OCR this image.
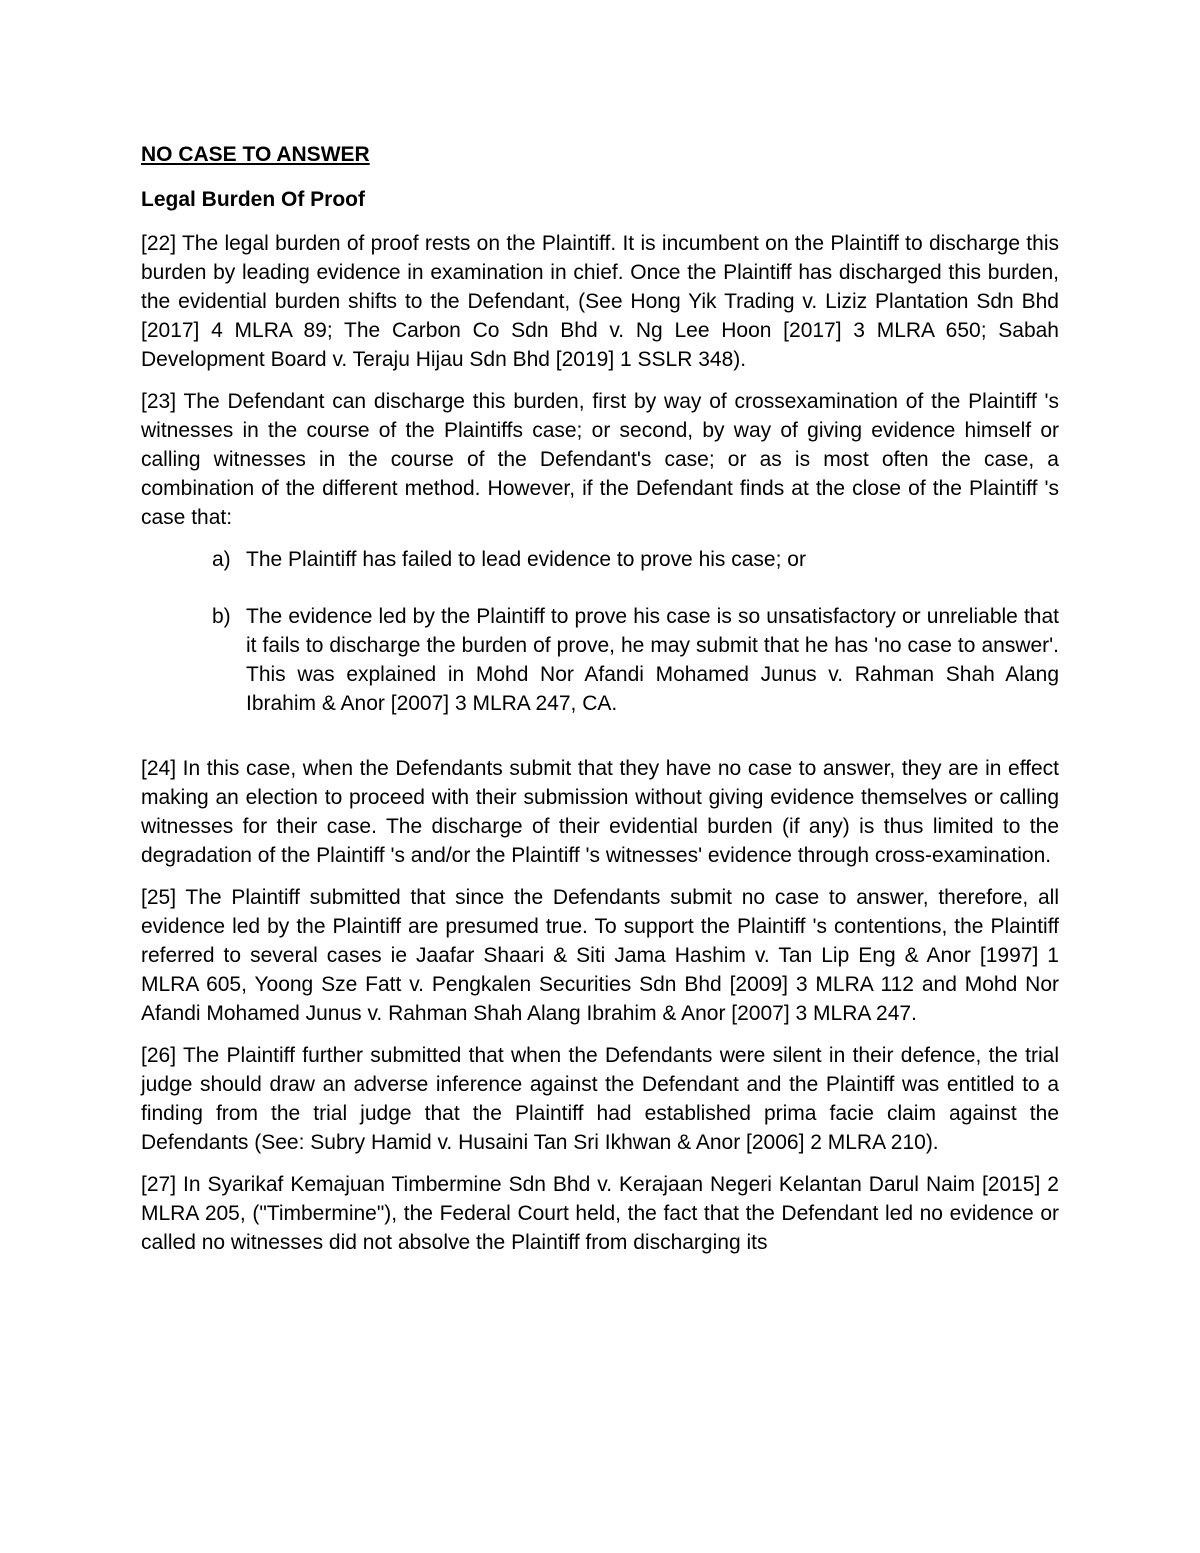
NO CASE TO ANSWER
Legal Burden Of Proof

[22] The legal burden of proof rests on the Plaintiff. It is incumbent on the Plaintiff to discharge this burden by leading evidence in examination in chief. Once the Plaintiff has discharged this burden, the evidential burden shifts to the Defendant, (See Hong Yik Trading v. Liziz Plantation Sdn Bhd [2017] 4 MLRA 89; The Carbon Co Sdn Bhd v. Ng Lee Hoon [2017] 3 MLRA 650; Sabah Development Board v. Teraju Hijau Sdn Bhd [2019] 1 SSLR 348).

[23] The Defendant can discharge this burden, first by way of crossexamination of the Plaintiff 's witnesses in the course of the Plaintiffs case; or second, by way of giving evidence himself or calling witnesses in the course of the Defendant's case; or as is most often the case, a combination of the different method. However, if the Defendant finds at the close of the Plaintiff 's case that:

a) The Plaintiff has failed to lead evidence to prove his case; or
b) The evidence led by the Plaintiff to prove his case is so unsatisfactory or unreliable that it fails to discharge the burden of prove, he may submit that he has 'no case to answer'. This was explained in Mohd Nor Afandi Mohamed Junus v. Rahman Shah Alang Ibrahim & Anor [2007] 3 MLRA 247, CA.

[24] In this case, when the Defendants submit that they have no case to answer, they are in effect making an election to proceed with their submission without giving evidence themselves or calling witnesses for their case. The discharge of their evidential burden (if any) is thus limited to the degradation of the Plaintiff 's and/or the Plaintiff 's witnesses' evidence through cross-examination.

[25] The Plaintiff submitted that since the Defendants submit no case to answer, therefore, all evidence led by the Plaintiff are presumed true. To support the Plaintiff 's contentions, the Plaintiff referred to several cases ie Jaafar Shaari & Siti Jama Hashim v. Tan Lip Eng & Anor [1997] 1 MLRA 605, Yoong Sze Fatt v. Pengkalen Securities Sdn Bhd [2009] 3 MLRA 112 and Mohd Nor Afandi Mohamed Junus v. Rahman Shah Alang Ibrahim & Anor [2007] 3 MLRA 247.

[26] The Plaintiff further submitted that when the Defendants were silent in their defence, the trial judge should draw an adverse inference against the Defendant and the Plaintiff was entitled to a finding from the trial judge that the Plaintiff had established prima facie claim against the Defendants (See: Subry Hamid v. Husaini Tan Sri Ikhwan & Anor [2006] 2 MLRA 210).

[27] In Syarikaf Kemajuan Timbermine Sdn Bhd v. Kerajaan Negeri Kelantan Darul Naim [2015] 2 MLRA 205, ("Timbermine"), the Federal Court held, the fact that the Defendant led no evidence or called no witnesses did not absolve the Plaintiff from discharging its
